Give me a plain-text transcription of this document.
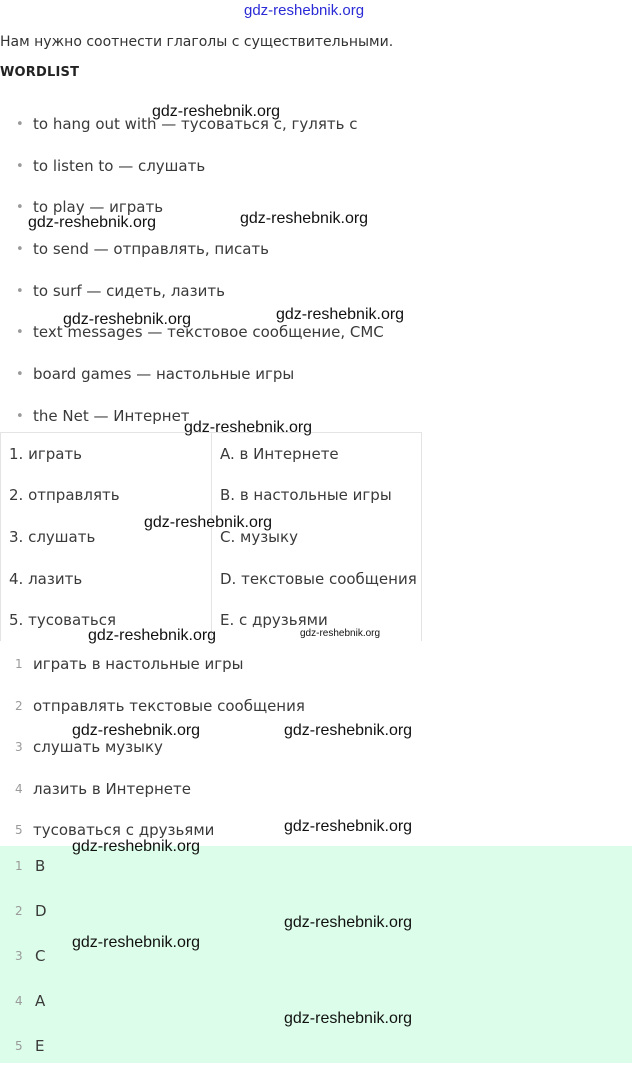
gdz-reshebnik.org
Нам нужно соотнести глаголы с существительными.
WORDLIST
• to hang out with — тусоваться с, гулять с
• to listen to — слушать
• to play — играть
• to send — отправлять, писать
• to surf — сидеть, лазить
• text messages — текстовое сообщение, СМС
• board games — настольные игры
• the Net — Интернет
1. играть	A. в Интернете
2. отправлять	B. в настольные игры
3. слушать	C. музыку
4. лазить	D. текстовые сообщения
5. тусоваться	E. с друзьями
1 играть в настольные игры
2 отправлять текстовые сообщения
3 слушать музыку
4 лазить в Интернете
5 тусоваться с друзьями
1 B
2 D
3 C
4 A
5 E
gdz-reshebnik.org
gdz-reshebnik.org	gdz-reshebnik.org
gdz-reshebnik.org
gdz-reshebnik.org
gdz-reshebnik.org
gdz-reshebnik.org
gdz-reshebnik.org	gdz-reshebnik.org
gdz-reshebnik.org	gdz-reshebnik.org
gdz-reshebnik.org
gdz-reshebnik.org
gdz-reshebnik.org
gdz-reshebnik.org
gdz-reshebnik.org
